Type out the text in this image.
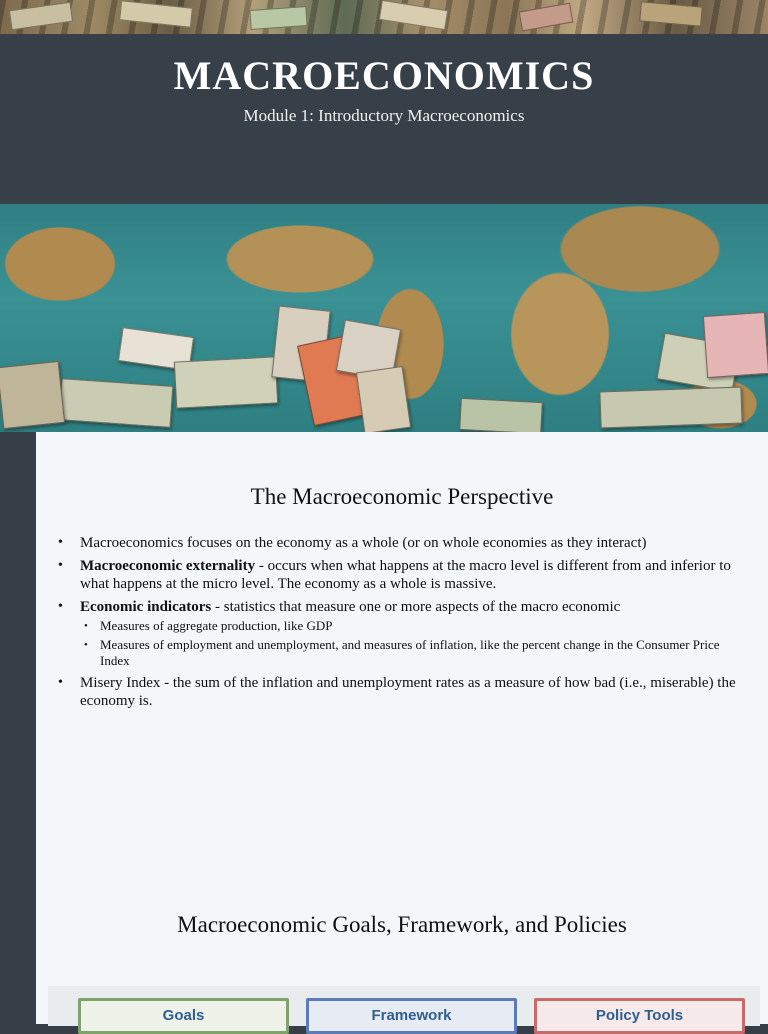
MACROECONOMICS
Module 1: Introductory Macroeconomics
The Macroeconomic Perspective
• Macroeconomics focuses on the economy as a whole (or on whole economies as they interact)
• Macroeconomic externality - occurs when what happens at the macro level is different from and inferior to what happens at the micro level. The economy as a whole is massive.
• Economic indicators - statistics that measure one or more aspects of the macro economic
• Measures of aggregate production, like GDP
• Measures of employment and unemployment, and measures of inflation, like the percent change in the Consumer Price Index
• Misery Index - the sum of the inflation and unemployment rates as a measure of how bad (i.e., miserable) the economy is.
Macroeconomic Goals, Framework, and Policies
Goals	Framework	Policy Tools
